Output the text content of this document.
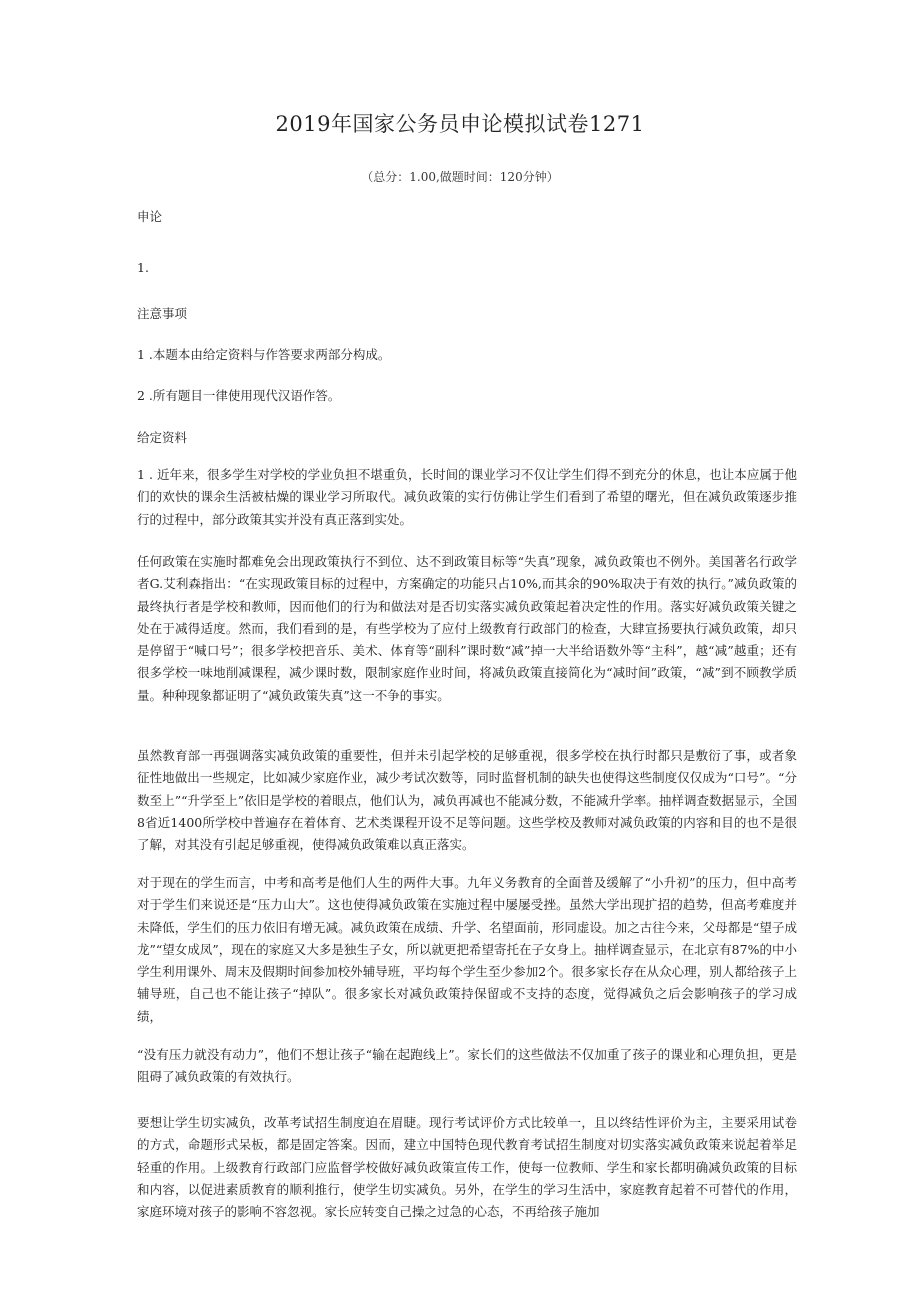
2019年国家公务员申论模拟试卷1271
（总分：1.00,做题时间：120分钟）
申论
1.
注意事项
1 .本题本由给定资料与作答要求两部分构成。
2 .所有题目一律使用现代汉语作答。
给定资料

1 . 近年来，很多学生对学校的学业负担不堪重负，长时间的课业学习不仅让学生们得不到充分的休息，也让本应属于他们的欢快的课余生活被枯燥的课业学习所取代。减负政策的实行仿佛让学生们看到了希望的曙光，但在减负政策逐步推行的过程中，部分政策其实并没有真正落到实处。

任何政策在实施时都难免会出现政策执行不到位、达不到政策目标等“失真”现象，减负政策也不例外。美国著名行政学者G.艾利森指出：“在实现政策目标的过程中，方案确定的功能只占10%,而其余的90%取决于有效的执行。”减负政策的最终执行者是学校和教师，因而他们的行为和做法对是否切实落实减负政策起着决定性的作用。落实好减负政策关键之处在于减得适度。然而，我们看到的是，有些学校为了应付上级教育行政部门的检查，大肆宣扬要执行减负政策，却只是停留于“喊口号”；很多学校把音乐、美术、体育等“副科”课时数“减”掉一大半给语数外等“主科”，越“减”越重；还有很多学校一味地削减课程，减少课时数，限制家庭作业时间，将减负政策直接简化为“减时间”政策，“减”到不顾教学质量。种种现象都证明了“减负政策失真”这一不争的事实。

虽然教育部一再强调落实减负政策的重要性，但并未引起学校的足够重视，很多学校在执行时都只是敷衍了事，或者象征性地做出一些规定，比如减少家庭作业，减少考试次数等，同时监督机制的缺失也使得这些制度仅仅成为“口号”。“分数至上”“升学至上”依旧是学校的着眼点，他们认为，减负再减也不能减分数，不能减升学率。抽样调查数据显示，全国8省近1400所学校中普遍存在着体育、艺术类课程开设不足等问题。这些学校及教师对减负政策的内容和目的也不是很了解，对其没有引起足够重视，使得减负政策难以真正落实。

对于现在的学生而言，中考和高考是他们人生的两件大事。九年义务教育的全面普及缓解了“小升初”的压力，但中高考对于学生们来说还是“压力山大”。这也使得减负政策在实施过程中屡屡受挫。虽然大学出现扩招的趋势，但高考难度并未降低，学生们的压力依旧有增无减。减负政策在成绩、升学、名望面前，形同虚设。加之古往今来，父母都是“望子成龙”“望女成凤”，现在的家庭又大多是独生子女，所以就更把希望寄托在子女身上。抽样调查显示，在北京有87%的中小学生利用课外、周末及假期时间参加校外辅导班，平均每个学生至少参加2个。很多家长存在从众心理，别人都给孩子上辅导班，自己也不能让孩子“掉队”。很多家长对减负政策持保留或不支持的态度，觉得减负之后会影响孩子的学习成绩，

“没有压力就没有动力”，他们不想让孩子“输在起跑线上”。家长们的这些做法不仅加重了孩子的课业和心理负担，更是阻碍了减负政策的有效执行。

要想让学生切实减负，改革考试招生制度迫在眉睫。现行考试评价方式比较单一，且以终结性评价为主，主要采用试卷的方式，命题形式呆板，都是固定答案。因而，建立中国特色现代教育考试招生制度对切实落实减负政策来说起着举足轻重的作用。上级教育行政部门应监督学校做好减负政策宣传工作，使每一位教师、学生和家长都明确减负政策的目标和内容，以促进素质教育的顺利推行，使学生切实减负。另外，在学生的学习生活中，家庭教育起着不可替代的作用，家庭环境对孩子的影响不容忽视。家长应转变自己操之过急的心态，不再给孩子施加
